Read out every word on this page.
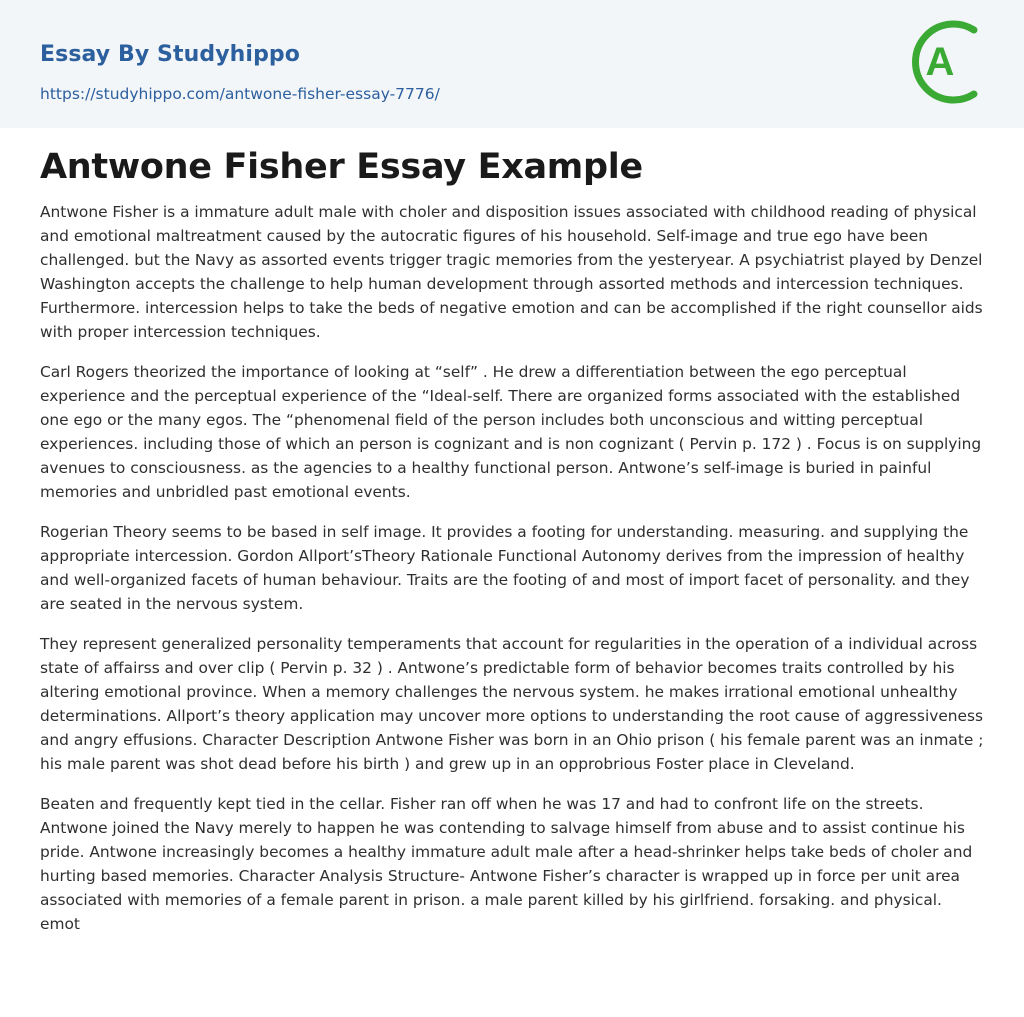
Essay By Studyhippo
https://studyhippo.com/antwone-fisher-essay-7776/
A
Antwone Fisher Essay Example

Antwone Fisher is a immature adult male with choler and disposition issues associated with childhood reading of physical and emotional maltreatment caused by the autocratic figures of his household. Self-image and true ego have been challenged. but the Navy as assorted events trigger tragic memories from the yesteryear. A psychiatrist played by Denzel Washington accepts the challenge to help human development through assorted methods and intercession techniques. Furthermore. intercession helps to take the beds of negative emotion and can be accomplished if the right counsellor aids with proper intercession techniques.

Carl Rogers theorized the importance of looking at “self” . He drew a differentiation between the ego perceptual experience and the perceptual experience of the “Ideal-self. There are organized forms associated with the established one ego or the many egos. The “phenomenal field of the person includes both unconscious and witting perceptual experiences. including those of which an person is cognizant and is non cognizant ( Pervin p. 172 ) . Focus is on supplying avenues to consciousness. as the agencies to a healthy functional person. Antwone’s self-image is buried in painful memories and unbridled past emotional events.

Rogerian Theory seems to be based in self image. It provides a footing for understanding. measuring. and supplying the appropriate intercession. Gordon Allport’sTheory Rationale Functional Autonomy derives from the impression of healthy and well-organized facets of human behaviour. Traits are the footing of and most of import facet of personality. and they are seated in the nervous system.

They represent generalized personality temperaments that account for regularities in the operation of a individual across state of affairss and over clip ( Pervin p. 32 ) . Antwone’s predictable form of behavior becomes traits controlled by his altering emotional province. When a memory challenges the nervous system. he makes irrational emotional unhealthy determinations. Allport’s theory application may uncover more options to understanding the root cause of aggressiveness and angry effusions. Character Description Antwone Fisher was born in an Ohio prison ( his female parent was an inmate ; his male parent was shot dead before his birth ) and grew up in an opprobrious Foster place in Cleveland.

Beaten and frequently kept tied in the cellar. Fisher ran off when he was 17 and had to confront life on the streets. Antwone joined the Navy merely to happen he was contending to salvage himself from abuse and to assist continue his pride. Antwone increasingly becomes a healthy immature adult male after a head-shrinker helps take beds of choler and hurting based memories. Character Analysis Structure- Antwone Fisher’s character is wrapped up in force per unit area associated with memories of a female parent in prison. a male parent killed by his girlfriend. forsaking. and physical. emot
